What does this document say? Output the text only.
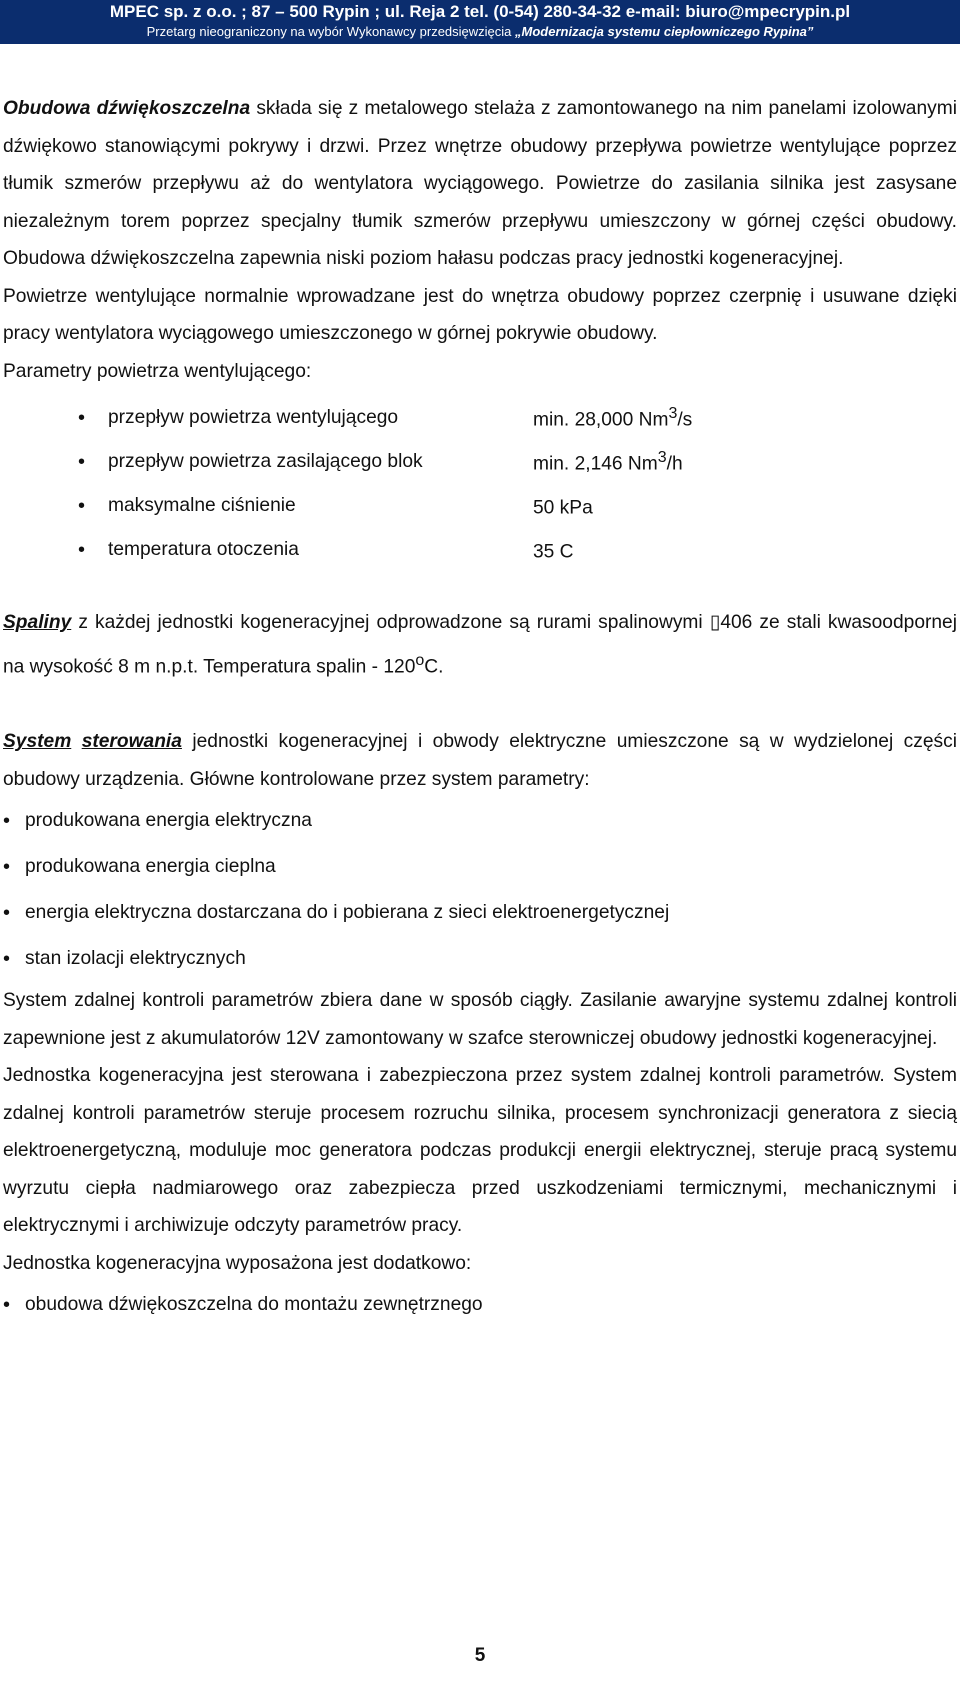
MPEC sp. z o.o. ; 87 – 500 Rypin ; ul. Reja 2 tel. (0-54) 280-34-32 e-mail: biuro@mpecrypin.pl
Przetarg nieograniczony na wybór Wykonawcy przedsięwzięcia „Modernizacja systemu ciepłowniczego Rypina”

Obudowa dźwiękoszczelna składa się z metalowego stelaża z zamontowanego na nim panelami izolowanymi dźwiękowo stanowiącymi pokrywy i drzwi. Przez wnętrze obudowy przepływa powietrze wentylujące poprzez tłumik szmerów przepływu aż do wentylatora wyciągowego. Powietrze do zasilania silnika jest zasysane niezależnym torem poprzez specjalny tłumik szmerów przepływu umieszczony w górnej części obudowy. Obudowa dźwiękoszczelna zapewnia niski poziom hałasu podczas pracy jednostki kogeneracyjnej.

Powietrze wentylujące normalnie wprowadzane jest do wnętrza obudowy poprzez czerpnię i usuwane dzięki pracy wentylatora wyciągowego umieszczonego w górnej pokrywie obudowy.

Parametry powietrza wentylującego:

•	przepływ powietrza wentylującego	min. 28,000 Nm$^3$/s
•	przepływ powietrza zasilającego blok	min. 2,146 Nm$^3$/h
•	maksymalne ciśnienie	50 kPa
•	temperatura otoczenia	35 C

Spaliny z każdej jednostki kogeneracyjnej odprowadzone są rurami spalinowymi ▯406 ze stali kwasoodpornej na wysokość 8 m n.p.t. Temperatura spalin - 120$^o$C.

System sterowania jednostki kogeneracyjnej i obwody elektryczne umieszczone są w wydzielonej części obudowy urządzenia. Główne kontrolowane przez system parametry:

• produkowana energia elektryczna
• produkowana energia cieplna
• energia elektryczna dostarczana do i pobierana z sieci elektroenergetycznej
• stan izolacji elektrycznych

System zdalnej kontroli parametrów zbiera dane w sposób ciągły. Zasilanie awaryjne systemu zdalnej kontroli zapewnione jest z akumulatorów 12V zamontowany w szafce sterowniczej obudowy jednostki kogeneracyjnej.

Jednostka kogeneracyjna jest sterowana i zabezpieczona przez system zdalnej kontroli parametrów. System zdalnej kontroli parametrów steruje procesem rozruchu silnika, procesem synchronizacji generatora z siecią elektroenergetyczną, moduluje moc generatora podczas produkcji energii elektrycznej, steruje pracą systemu wyrzutu ciepła nadmiarowego oraz zabezpiecza przed uszkodzeniami termicznymi, mechanicznymi i elektrycznymi i archiwizuje odczyty parametrów pracy.

Jednostka kogeneracyjna wyposażona jest dodatkowo:

• obudowa dźwiękoszczelna do montażu zewnętrznego
5
